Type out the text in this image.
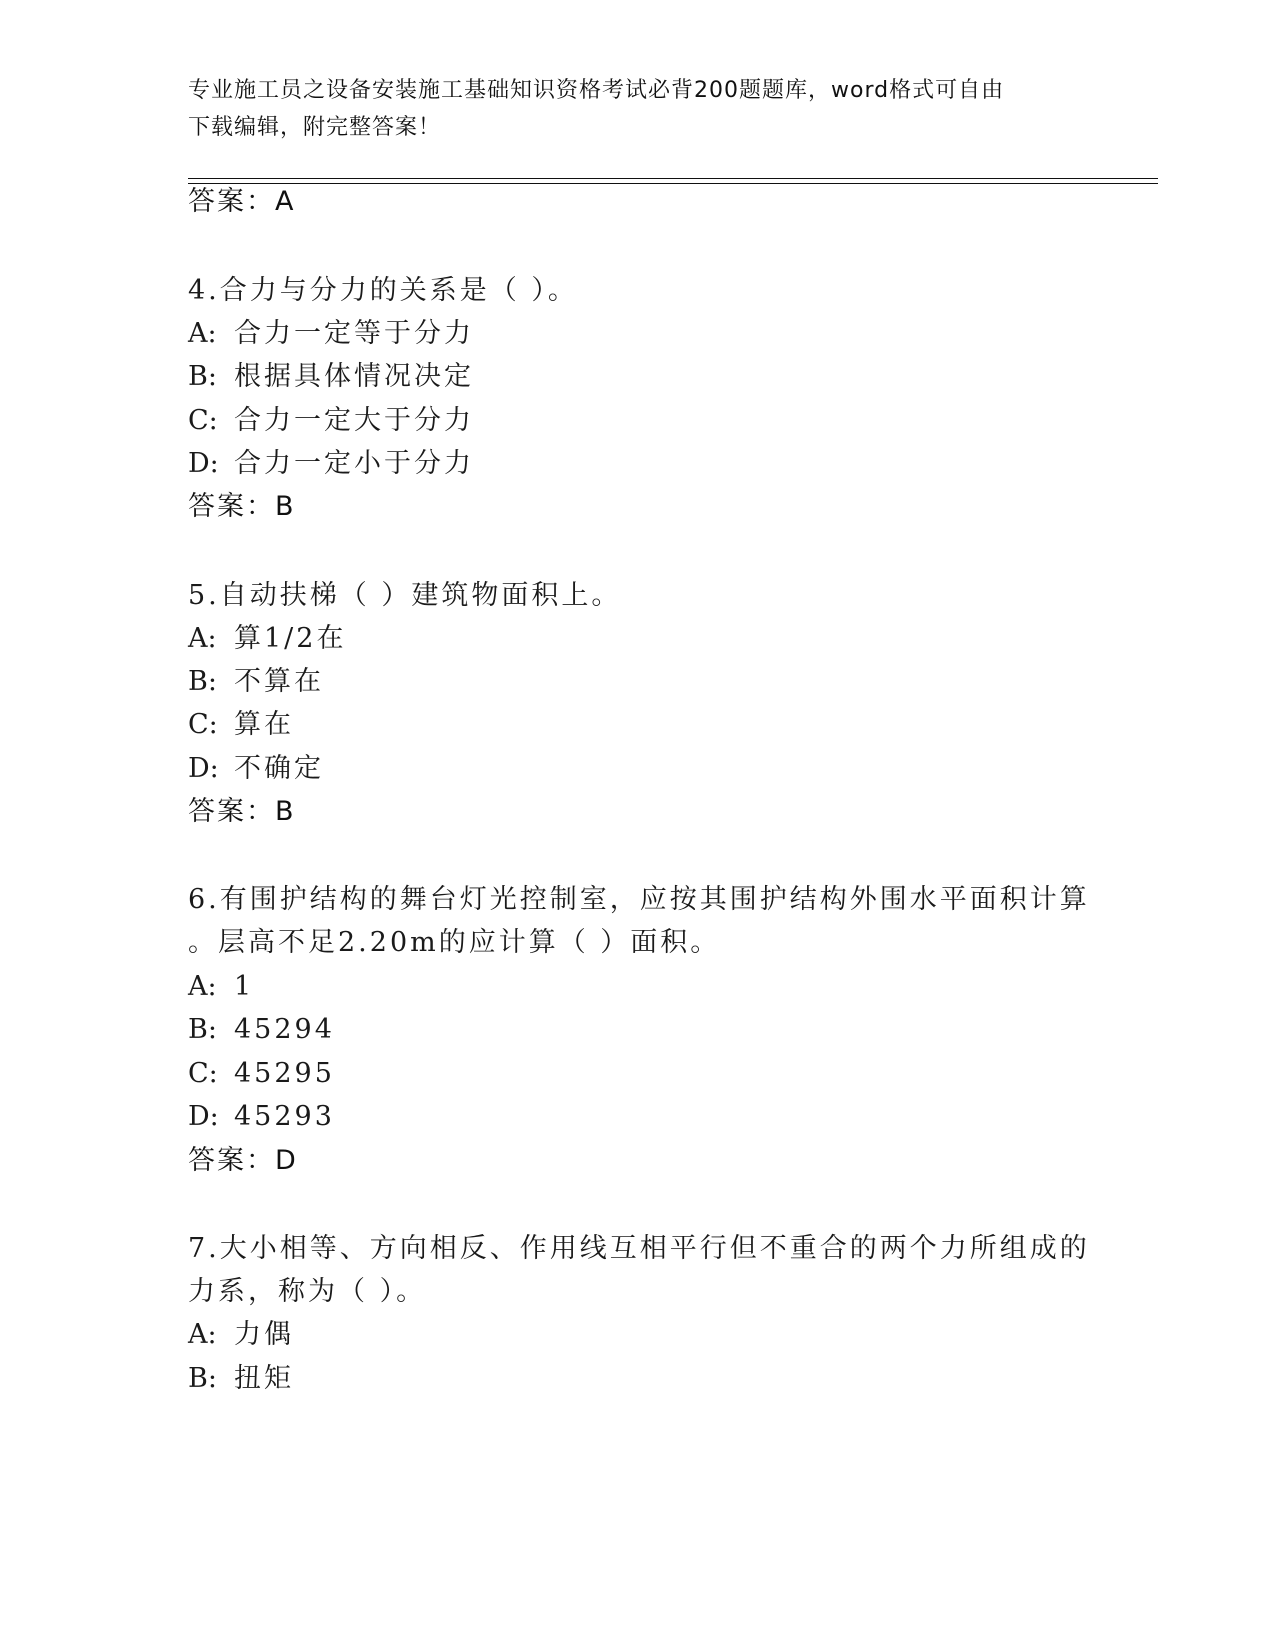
专业施工员之设备安装施工基础知识资格考试必背200题题库，word格式可自由
下载编辑，附完整答案！
答案：A
4.合力与分力的关系是（ ）。
A: 合力一定等于分力
B: 根据具体情况决定
C: 合力一定大于分力
D: 合力一定小于分力
答案：B
5.自动扶梯（ ）建筑物面积上。
A: 算1/2在
B: 不算在
C: 算在
D: 不确定
答案：B
6.有围护结构的舞台灯光控制室，应按其围护结构外围水平面积计算
。层高不足2.20m的应计算（ ）面积。
A: 1
B: 45294
C: 45295
D: 45293
答案：D
7.大小相等、方向相反、作用线互相平行但不重合的两个力所组成的
力系，称为（ ）。
A: 力偶
B: 扭矩
